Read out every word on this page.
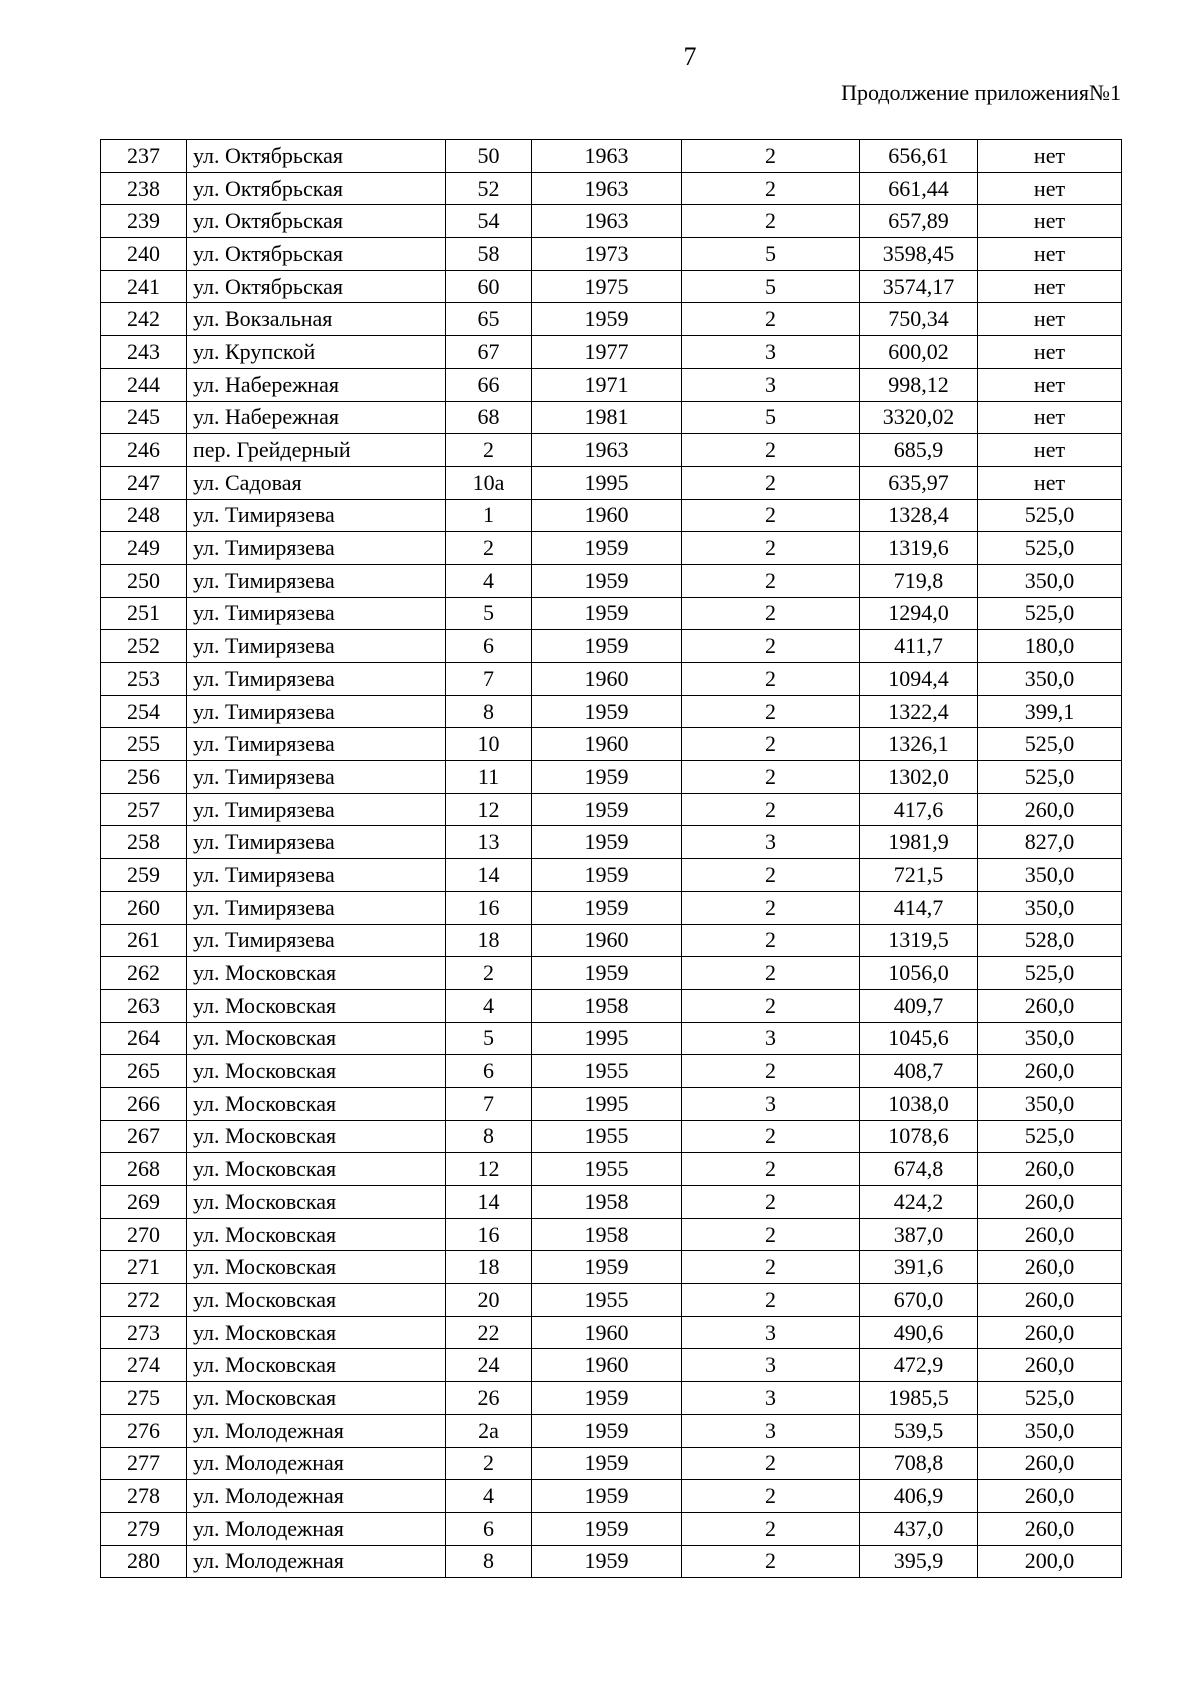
7
Продолжение приложения№1
237	ул. Октябрьская	50	1963	2	656,61	нет
238	ул. Октябрьская	52	1963	2	661,44	нет
239	ул. Октябрьская	54	1963	2	657,89	нет
240	ул. Октябрьская	58	1973	5	3598,45	нет
241	ул. Октябрьская	60	1975	5	3574,17	нет
242	ул. Вокзальная	65	1959	2	750,34	нет
243	ул. Крупской	67	1977	3	600,02	нет
244	ул. Набережная	66	1971	3	998,12	нет
245	ул. Набережная	68	1981	5	3320,02	нет
246	пер. Грейдерный	2	1963	2	685,9	нет
247	ул. Садовая	10а	1995	2	635,97	нет
248	ул. Тимирязева	1	1960	2	1328,4	525,0
249	ул. Тимирязева	2	1959	2	1319,6	525,0
250	ул. Тимирязева	4	1959	2	719,8	350,0
251	ул. Тимирязева	5	1959	2	1294,0	525,0
252	ул. Тимирязева	6	1959	2	411,7	180,0
253	ул. Тимирязева	7	1960	2	1094,4	350,0
254	ул. Тимирязева	8	1959	2	1322,4	399,1
255	ул. Тимирязева	10	1960	2	1326,1	525,0
256	ул. Тимирязева	11	1959	2	1302,0	525,0
257	ул. Тимирязева	12	1959	2	417,6	260,0
258	ул. Тимирязева	13	1959	3	1981,9	827,0
259	ул. Тимирязева	14	1959	2	721,5	350,0
260	ул. Тимирязева	16	1959	2	414,7	350,0
261	ул. Тимирязева	18	1960	2	1319,5	528,0
262	ул. Московская	2	1959	2	1056,0	525,0
263	ул. Московская	4	1958	2	409,7	260,0
264	ул. Московская	5	1995	3	1045,6	350,0
265	ул. Московская	6	1955	2	408,7	260,0
266	ул. Московская	7	1995	3	1038,0	350,0
267	ул. Московская	8	1955	2	1078,6	525,0
268	ул. Московская	12	1955	2	674,8	260,0
269	ул. Московская	14	1958	2	424,2	260,0
270	ул. Московская	16	1958	2	387,0	260,0
271	ул. Московская	18	1959	2	391,6	260,0
272	ул. Московская	20	1955	2	670,0	260,0
273	ул. Московская	22	1960	3	490,6	260,0
274	ул. Московская	24	1960	3	472,9	260,0
275	ул. Московская	26	1959	3	1985,5	525,0
276	ул. Молодежная	2а	1959	3	539,5	350,0
277	ул. Молодежная	2	1959	2	708,8	260,0
278	ул. Молодежная	4	1959	2	406,9	260,0
279	ул. Молодежная	6	1959	2	437,0	260,0
280	ул. Молодежная	8	1959	2	395,9	200,0
